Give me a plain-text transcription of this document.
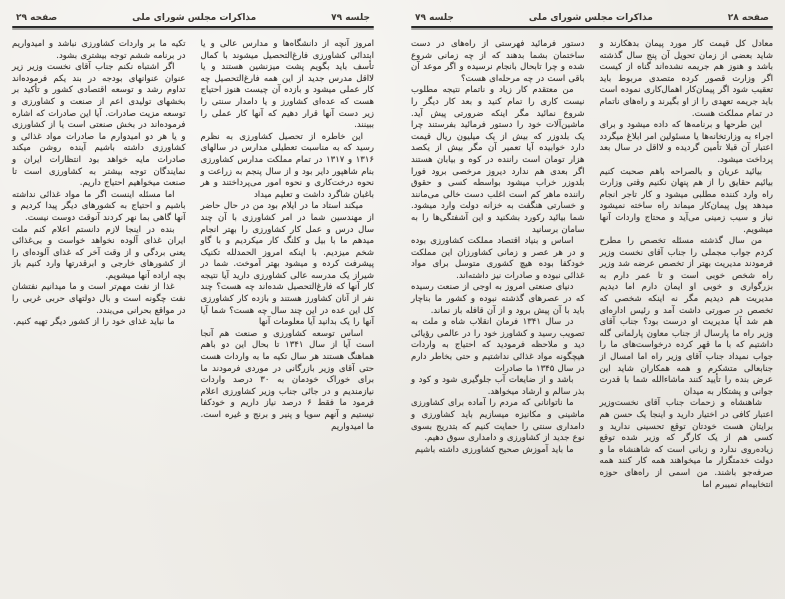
صفحه ۲۸
مذاکرات مجلس شورای ملی
جلسه ۷۹

معادل کل قیمت کار مورد پیمان بدهکارند و شاید بعضی از زمان تحویل آن پنج سال گذشته باشد و هنوز هم جریمه نشده‌اند گناه از کیست اگر وزارت قصور کرده متصدی مربوط باید تعقیب شود اگر پیمان‌کار اهمال‌کاری نموده است باید جریمه تعهدی را از او بگیرند و راه‌های ناتمام در تمام مملکت هست.

این طرحها و برنامه‌ها که داده میشود و برای اجراء به وزارتخانه‌ها یا مسئولین امر ابلاغ میگردد اعتبار آن قبلا تأمین گردیده و لااقل در سال بعد پرداخت میشود.

بیائید عریان و بالصراحه باهم صحبت کنیم بیائیم حقایق را از هم پنهان نکنیم وقتی وزارت راه وارد کننده مطلبی میشود و کار تاجر انجام میدهد پول پیمان‌کار میماند راه ساخته نمیشود نیاز و سیب زمینی می‌آید و محتاج واردات آنها میشویم.

من سال گذشته مسئله تخصص را مطرح کردم جواب مجملی را جناب آقای نخست وزیر فرمودند مدیریت بهتر از تخصص عرضه شد وزیر راه شخص خوبی است و تا عمر دارم به بزرگواری و خوبی او ایمان دارم اما دیدیم مدیریت هم دیدیم مگر نه اینکه شخصی که تخصص در صورتی داشت آمد و رئیس اداره‌ای هم شد آیا مدیریت او درست بود؟ جناب آقای وزیر راه ما پارسال از جناب معاون پارلمانی گله داشتیم که با ما قهر کرده درخواست‌های ما را جواب نمیداد جناب آقای وزیر راه اما امسال از جنابعالی متشکرم و همه همکاران شاید این عرض بنده را تأیید کنند ماشاءالله شما با قدرت جوانی و پشتکار به میدان

شاهنشاه و زحمات جناب آقای نخست‌وزیر اعتبار کافی در اختیار دارید و اینجا یک حسن هم برایتان هست خودتان توقع تحسینی ندارید و کسی هم از یک کارگر که وزیر شده توقع زیاده‌روی ندارد و زبانی است که شاهنشاه ما و دولت خدمتگزار ما میخواهند همه کار کنند همه صرفه‌جو باشند. من اسمی از راه‌های حوزه انتخابیه‌ام نمیبرم اما

دستور فرمائید فهرستی از راه‌های در دست ساختمان بشما بدهند که از چه زمانی شروع شده و چرا تابحال بانجام نرسیده و اگر موعد آن باقی است در چه مرحله‌ای هست؟

من معتقدم کار زیاد و ناتمام نتیجه مطلوب نیست کاری را تمام کنید و بعد کار دیگر را شروع نمائید مگر اینکه ضرورتی پیش آید. ماشین‌آلات خود را دستور فرمائید بفرستند چرا یک بلدوزر که بیش از یک میلیون ریال قیمت دارد خوابیده آیا تعمیر آن مگر بیش از یکصد هزار تومان است راننده در کوه و بیابان هستند اگر بعدی هم ندارد دیروز مرخصی برود فورا بلدوزر خراب میشود بواسطه کسی و حقوق راننده ماهر کم است اغلب دست خالی می‌مانند و خسارتی هنگفت به خزانه دولت وارد میشود. شما بیائید رکورد بشکنید و این آشفتگی‌ها را به سامان برسانید

اساس و بنیاد اقتصاد مملکت کشاورزی بوده و در هر عصر و زمانی کشاورزان این مملکت خودکفا بوده هیچ کشوری متوسل برای مواد غذائی نبوده و صادرات نیز داشته‌اند.

دنیای صنعتی امروز به اوجی از صنعت رسیده که در عصرهای گذشته نبوده و کشور ما بناچار باید با آن پیش برود و از آن قافله باز نماند.

در سال ۱۳۴۱ فرمان انقلاب شاه و ملت به تصویب رسید و کشاورز خود را در عالمی رؤیائی دید و ملاحظه فرمودید که احتیاج به واردات هیچگونه مواد غذائی نداشتیم و حتی بخاطر دارم در سال ۱۳۴۵ ما صادرات

باشد و از ضایعات آب جلوگیری شود و کود و بذر سالم و ارشاد میخواهد.

ما ناتوانانی که مردم را آماده برای کشاورزی ماشینی و مکانیزه میسازیم باید کشاورزی و دامداری سنتی را حمایت کنیم که بتدریج بسوی نوع جدید از کشاورزی و دامداری سوق دهیم.

ما باید آموزش صحیح کشاورزی داشته باشیم

جلسه ۷۹
مذاکرات مجلس شورای ملی
صفحه ۲۹

امروز آنچه از دانشگاه‌ها و مدارس عالی و یا ابتدائی کشاورزی فارغ‌التحصیل میشوند با کمال تأسف باید بگویم پشت میزنشین هستند و یا لااقل مدرس جدید از این همه فارغ‌التحصیل چه کار عملی میشود و بازده آن چیست هنوز احتیاج هست که عده‌ای کشاورز و یا دامدار سنتی را زیر دست آنها قرار دهیم که آنها کار عملی را ببینند.

این خاطره از تحصیل کشاورزی به نظرم رسید که به مناسبت تعطیلی مدارس در سالهای ۱۳۱۶ و ۱۳۱۷ در تمام مملکت مدارس کشاورزی بنام شاهپور دایر بود و از سال پنجم به زراعت و نحوه درخت‌کاری و نحوه امور می‌پرداختند و هر باغبان شاگرد داشت و تعلیم میداد

میکند استاد ما در ایلام بود من در حال حاضر از مهندسین شما در امر کشاورزی با آن چند سال درس و عمل کار کشاورزی را بهتر انجام میدهم ما با بیل و کلنگ کار میکردیم و با گاو شخم میزدیم. با اینکه امروز الحمدلله تکنیک پیشرفت کرده و میشود بهتر آموخت. شما در شیراز یک مدرسه عالی کشاورزی دارید آیا نتیجه کار آنها که فارغ‌التحصیل شده‌اند چه هست؟ چند نفر از آنان کشاورز هستند و بازده کار کشاورزی کل این عده در این چند سال چه هست؟ شما آیا آنها را یک بدانید آیا معلومات آنها

اساس توسعه کشاورزی و صنعت هم آنجا است آیا از سال ۱۳۴۱ تا بحال این دو باهم هماهنگ هستند هر سال تکیه ما به واردات هست حتی آقای وزیر بازرگانی در موردی فرمودند ما برای خوراک خودمان به ۳۰ درصد واردات نیازمندیم و در جائی جناب وزیر کشاورزی اعلام فرمود ما فقط ۶ درصد نیاز داریم و خودکفا نیستیم و آنهم سویا و پنیر و برنج و غیره است. ما امیدواریم

تکیه ما بر واردات کشاورزی نباشد و امیدواریم در برنامه ششم توجه بیشتری بشود.

اگر اشتباه نکنم جناب آقای نخست وزیر زیر عنوان عنوانهای بودجه در بند یکم فرموده‌اند تداوم رشد و توسعه اقتصادی کشور و تأکید بر بخشهای تولیدی اعم از صنعت و کشاورزی و توسعه مزیت صادرات. آیا این صادرات که اشاره فرموده‌اند در بخش صنعتی است یا از کشاورزی و یا هر دو امیدوارم ما صادرات مواد غذائی و کشاورزی داشته باشیم آینده روشن میکند صادرات مایه خواهد بود انتظارات ایران و نمایندگان توجه بیشتر به کشاورزی است تا صنعت میخواهیم احتیاج داریم.

اما مسئله اینست اگر ما مواد غذائی نداشته باشیم و احتیاج به کشورهای دیگر پیدا کردیم و آنها گاهی بما نهر کردند آنوقت دوست نیست.

بنده در اینجا لازم دانستم اعلام کنم ملت ایران غذای آلوده نخواهد خواست و بی‌غذائی یعنی بردگی و از وقت آخر که غذای آلوده‌ای را از کشورهای خارجی و ابرقدرتها وارد کنیم باز بچه اراده آنها میشویم.

غذا از نفت مهم‌تر است و ما میدانیم نفتشان نفت چگونه است و بال دولتهای حربی غربی را در مواقع بحرانی می‌بندد.

ما نباید غذای خود را از کشور دیگر تهیه کنیم.
